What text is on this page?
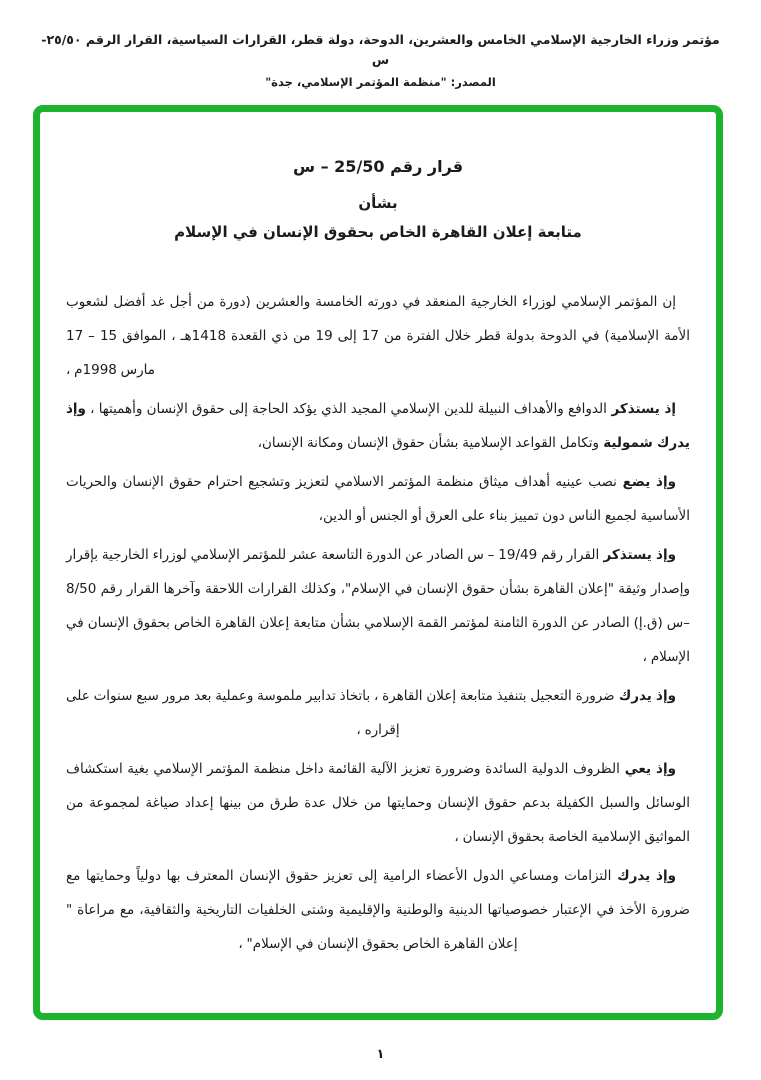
مؤتمر وزراء الخارجية الإسلامي الخامس والعشرين، الدوحة، دولة قطر، القرارات السياسية، القرار الرقم ٢٥/٥٠-س
المصدر: "منظمة المؤتمر الإسلامي، جدة"
قرار رقم 25/50 – س
بشأن
متابعة إعلان القاهرة الخاص بحقوق الإنسان في الإسلام

إن المؤتمر الإسلامي لوزراء الخارجية المنعقد في دورته الخامسة والعشرين (دورة من أجل غد أفضل لشعوب الأمة الإسلامية) في الدوحة بدولة قطر خلال الفترة من 17 إلى 19 من ذي القعدة 1418هـ ، الموافق 15 – 17 مارس 1998م ،

إذ يستذكر الدوافع والأهداف النبيلة للدين الإسلامي المجيد الذي يؤكد الحاجة إلى حقوق الإنسان وأهميتها ، وإذ يدرك شمولية وتكامل القواعد الإسلامية بشأن حقوق الإنسان ومكانة الإنسان،

وإذ يضع نصب عينيه أهداف ميثاق منظمة المؤتمر الاسلامي لتعزيز وتشجيع احترام حقوق الإنسان والحريات الأساسية لجميع الناس دون تمييز بناء على العرق أو الجنس أو الدين،

وإذ يستذكر القرار رقم 19/49 – س الصادر عن الدورة التاسعة عشر للمؤتمر الإسلامي لوزراء الخارجية بإقرار وإصدار وثيقة "إعلان القاهرة بشأن حقوق الإنسان في الإسلام"، وكذلك القرارات اللاحقة وآخرها القرار رقم 8/50 –س (ق.إ) الصادر عن الدورة الثامنة لمؤتمر القمة الإسلامي بشأن متابعة إعلان القاهرة الخاص بحقوق الإنسان في الإسلام ،

وإذ يدرك ضرورة التعجيل بتنفيذ متابعة إعلان القاهرة ، باتخاذ تدابير ملموسة وعملية بعد مرور سبع سنوات على إقراره ،

وإذ يعي الظروف الدولية السائدة وضرورة تعزيز الآلية القائمة داخل منظمة المؤتمر الإسلامي بغية استكشاف الوسائل والسبل الكفيلة بدعم حقوق الإنسان وحمايتها من خلال عدة طرق من بينها إعداد صياغة لمجموعة من المواثيق الإسلامية الخاصة بحقوق الإنسان ،

وإذ يدرك التزامات ومساعي الدول الأعضاء الرامية إلى تعزيز حقوق الإنسان المعترف بها دولياً وحمايتها مع ضرورة الأخذ في الإعتبار خصوصياتها الدينية والوطنية والإقليمية وشتى الخلفيات التاريخية والثقافية، مع مراعاة " إعلان القاهرة الخاص بحقوق الإنسان في الإسلام" ،

١
